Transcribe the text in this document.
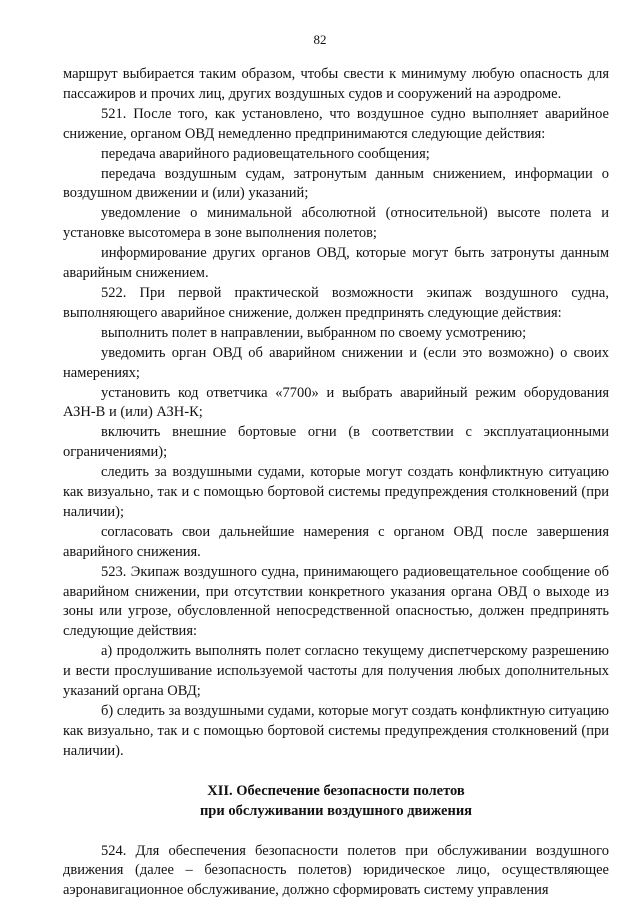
82

маршрут выбирается таким образом, чтобы свести к минимуму любую опасность для пассажиров и прочих лиц, других воздушных судов и сооружений на аэродроме.

521. После того, как установлено, что воздушное судно выполняет аварийное снижение, органом ОВД немедленно предпринимаются следующие действия:

передача аварийного радиовещательного сообщения;

передача воздушным судам, затронутым данным снижением, информации о воздушном движении и (или) указаний;

уведомление о минимальной абсолютной (относительной) высоте полета и установке высотомера в зоне выполнения полетов;

информирование других органов ОВД, которые могут быть затронуты данным аварийным снижением.

522. При первой практической возможности экипаж воздушного судна, выполняющего аварийное снижение, должен предпринять следующие действия:

выполнить полет в направлении, выбранном по своему усмотрению;

уведомить орган ОВД об аварийном снижении и (если это возможно) о своих намерениях;

установить код ответчика «7700» и выбрать аварийный режим оборудования АЗН-В и (или) АЗН-К;

включить внешние бортовые огни (в соответствии с эксплуатационными ограничениями);

следить за воздушными судами, которые могут создать конфликтную ситуацию как визуально, так и с помощью бортовой системы предупреждения столкновений (при наличии);

согласовать свои дальнейшие намерения с органом ОВД после завершения аварийного снижения.

523. Экипаж воздушного судна, принимающего радиовещательное сообщение об аварийном снижении, при отсутствии конкретного указания органа ОВД о выходе из зоны или угрозе, обусловленной непосредственной опасностью, должен предпринять следующие действия:

а) продолжить выполнять полет согласно текущему диспетчерскому разрешению и вести прослушивание используемой частоты для получения любых дополнительных указаний органа ОВД;

б) следить за воздушными судами, которые могут создать конфликтную ситуацию как визуально, так и с помощью бортовой системы предупреждения столкновений (при наличии).

XII. Обеспечение безопасности полетов
при обслуживании воздушного движения

524. Для обеспечения безопасности полетов при обслуживании воздушного движения (далее – безопасность полетов) юридическое лицо, осуществляющее аэронавигационное обслуживание, должно сформировать систему управления
